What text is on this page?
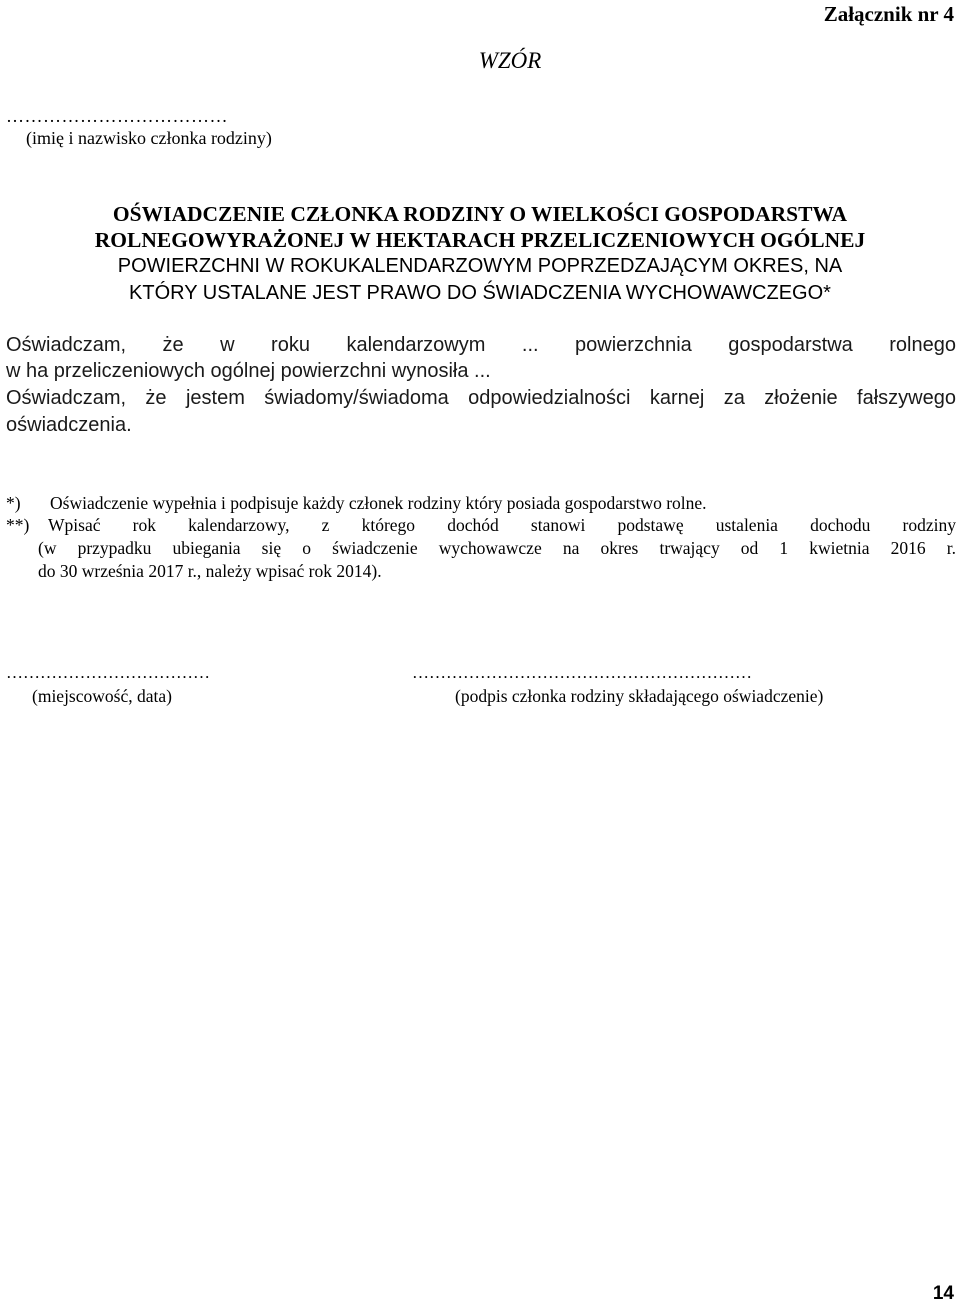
Załącznik nr 4
WZÓR
………………………………
(imię i nazwisko członka rodziny)
OŚWIADCZENIE CZŁONKA RODZINY O WIELKOŚCI GOSPODARSTWA
ROLNEGOWYRAŻONEJ W HEKTARACH PRZELICZENIOWYCH OGÓLNEJ
POWIERZCHNI W ROKUKALENDARZOWYM POPRZEDZAJĄCYM OKRES, NA
KTÓRY USTALANE JEST PRAWO DO ŚWIADCZENIA WYCHOWAWCZEGO*
Oświadczam, że w roku kalendarzowym ... powierzchnia gospodarstwa rolnego
w ha przeliczeniowych ogólnej powierzchni wynosiła ...
Oświadczam, że jestem świadomy/świadoma odpowiedzialności karnej za złożenie fałszywego
oświadczenia.
*) Oświadczenie wypełnia i podpisuje każdy członek rodziny który posiada gospodarstwo rolne.
**) Wpisać rok kalendarzowy, z którego dochód stanowi podstawę ustalenia dochodu rodziny
(w przypadku ubiegania się o świadczenie wychowawcze na okres trwający od 1 kwietnia 2016 r.
do 30 września 2017 r., należy wpisać rok 2014).
………………………………	……………………………………………………
(miejscowość, data)	(podpis członka rodziny składającego oświadczenie)
14
